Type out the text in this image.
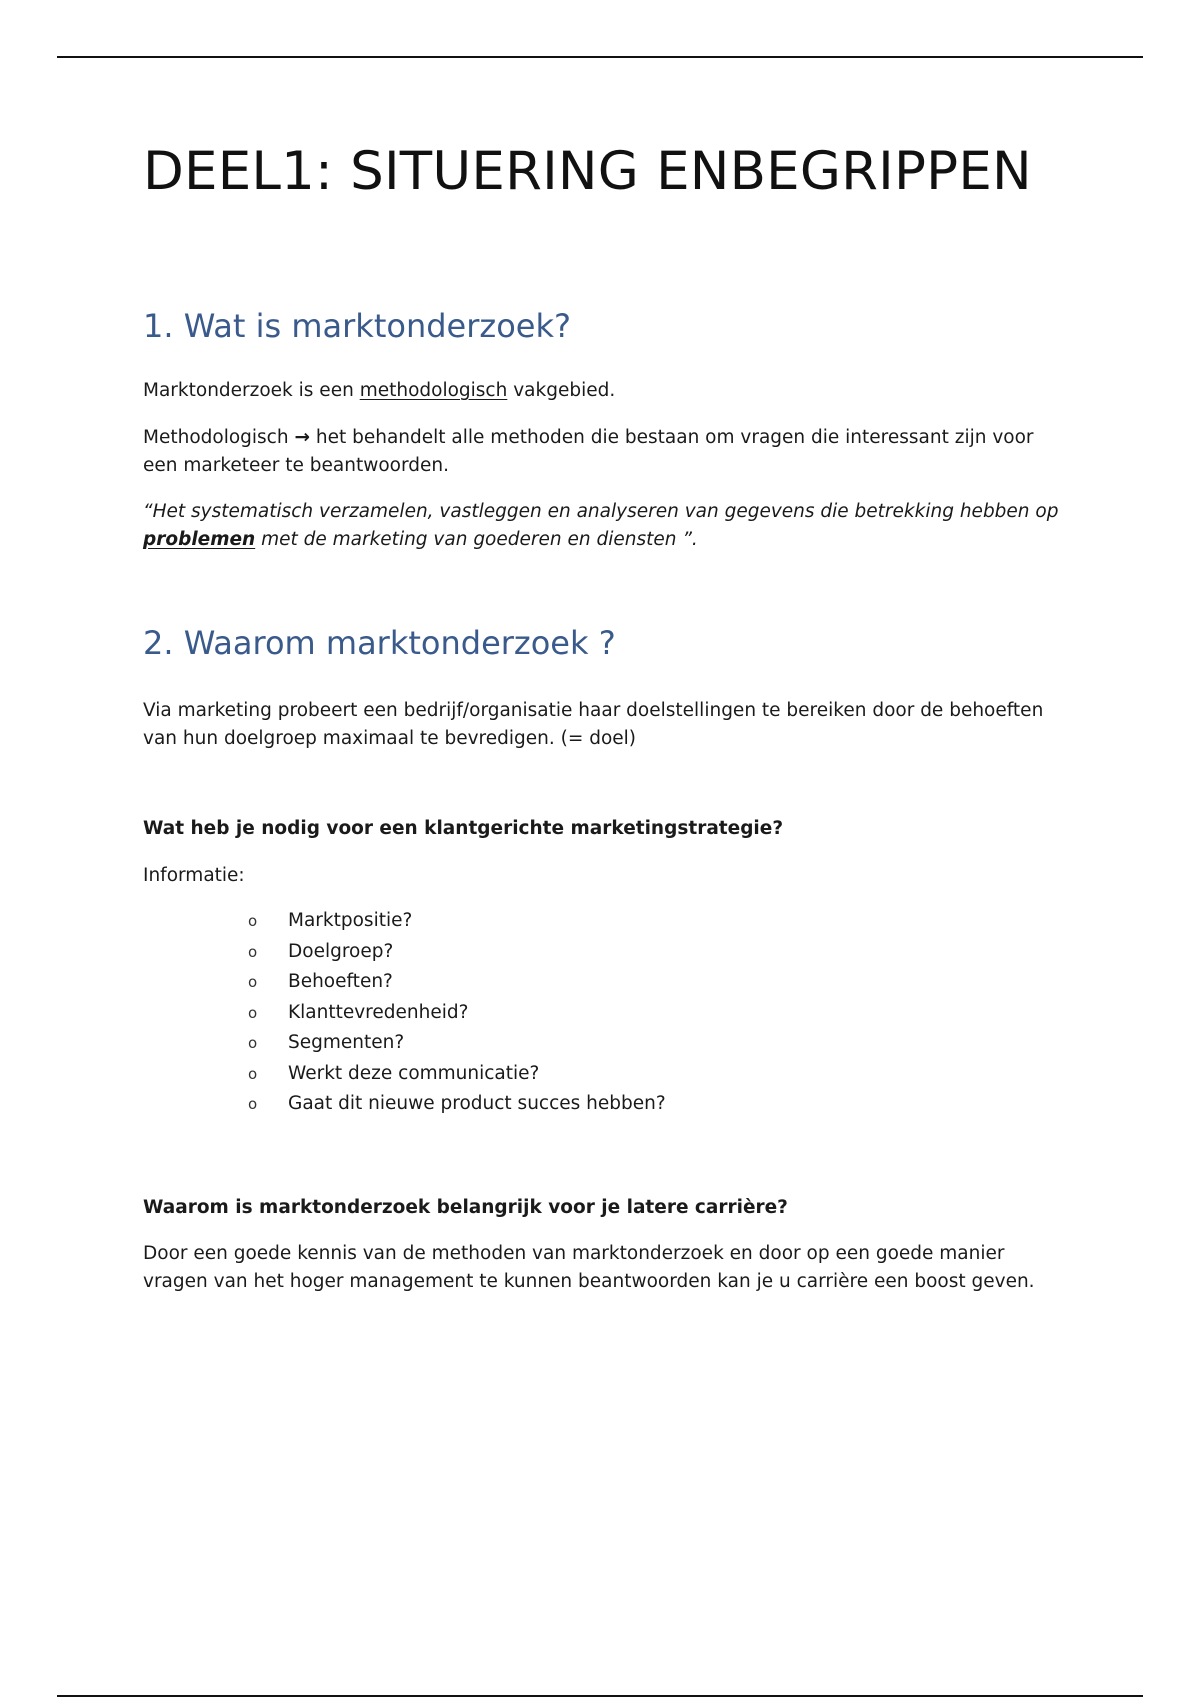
DEEL1: SITUERING ENBEGRIPPEN
1. Wat is marktonderzoek?

Marktonderzoek is een methodologisch vakgebied.

Methodologisch → het behandelt alle methoden die bestaan om vragen die interessant zijn voor een marketeer te beantwoorden.

“Het systematisch verzamelen, vastleggen en analyseren van gegevens die betrekking hebben op problemen met de marketing van goederen en diensten ”.

2. Waarom marktonderzoek ?

Via marketing probeert een bedrijf/organisatie haar doelstellingen te bereiken door de behoeften van hun doelgroep maximaal te bevredigen. (= doel)

Wat heb je nodig voor een klantgerichte marketingstrategie?

Informatie:

o Marktpositie?
o Doelgroep?
o Behoeften?
o Klanttevredenheid?
o Segmenten?
o Werkt deze communicatie?
o Gaat dit nieuwe product succes hebben?

Waarom is marktonderzoek belangrijk voor je latere carrière?

Door een goede kennis van de methoden van marktonderzoek en door op een goede manier vragen van het hoger management te kunnen beantwoorden kan je u carrière een boost geven.
